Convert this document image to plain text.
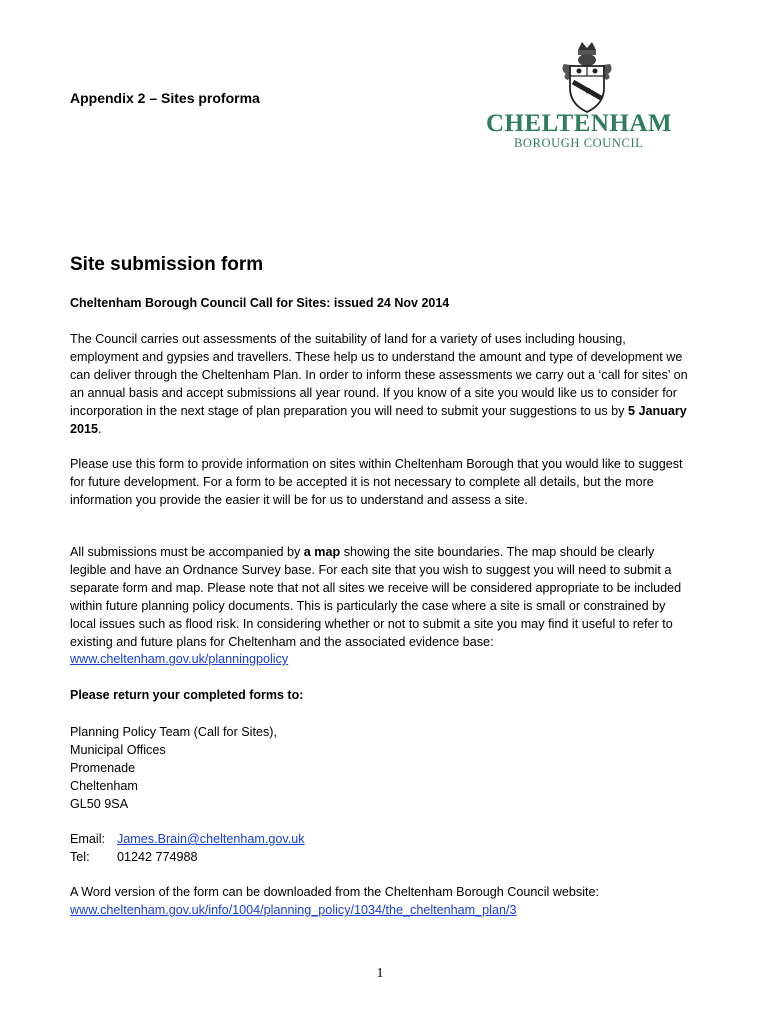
Appendix 2 – Sites proforma
CHELTENHAM
BOROUGH COUNCIL
Site submission form
Cheltenham Borough Council Call for Sites: issued 24 Nov 2014
The Council carries out assessments of the suitability of land for a variety of uses including housing, employment and gypsies and travellers. These help us to understand the amount and type of development we can deliver through the Cheltenham Plan. In order to inform these assessments we carry out a ‘call for sites’ on an annual basis and accept submissions all year round. If you know of a site you would like us to consider for incorporation in the next stage of plan preparation you will need to submit your suggestions to us by 5 January 2015.
Please use this form to provide information on sites within Cheltenham Borough that you would like to suggest for future development. For a form to be accepted it is not necessary to complete all details, but the more information you provide the easier it will be for us to understand and assess a site.
All submissions must be accompanied by a map showing the site boundaries. The map should be clearly legible and have an Ordnance Survey base. For each site that you wish to suggest you will need to submit a separate form and map. Please note that not all sites we receive will be considered appropriate to be included within future planning policy documents. This is particularly the case where a site is small or constrained by local issues such as flood risk. In considering whether or not to submit a site you may find it useful to refer to existing and future plans for Cheltenham and the associated evidence base: www.cheltenham.gov.uk/planningpolicy
Please return your completed forms to:
Planning Policy Team (Call for Sites),
Municipal Offices
Promenade
Cheltenham
GL50 9SA
Email: James.Brain@cheltenham.gov.uk
Tel:	01242 774988
A Word version of the form can be downloaded from the Cheltenham Borough Council website:
www.cheltenham.gov.uk/info/1004/planning_policy/1034/the_cheltenham_plan/3
1
